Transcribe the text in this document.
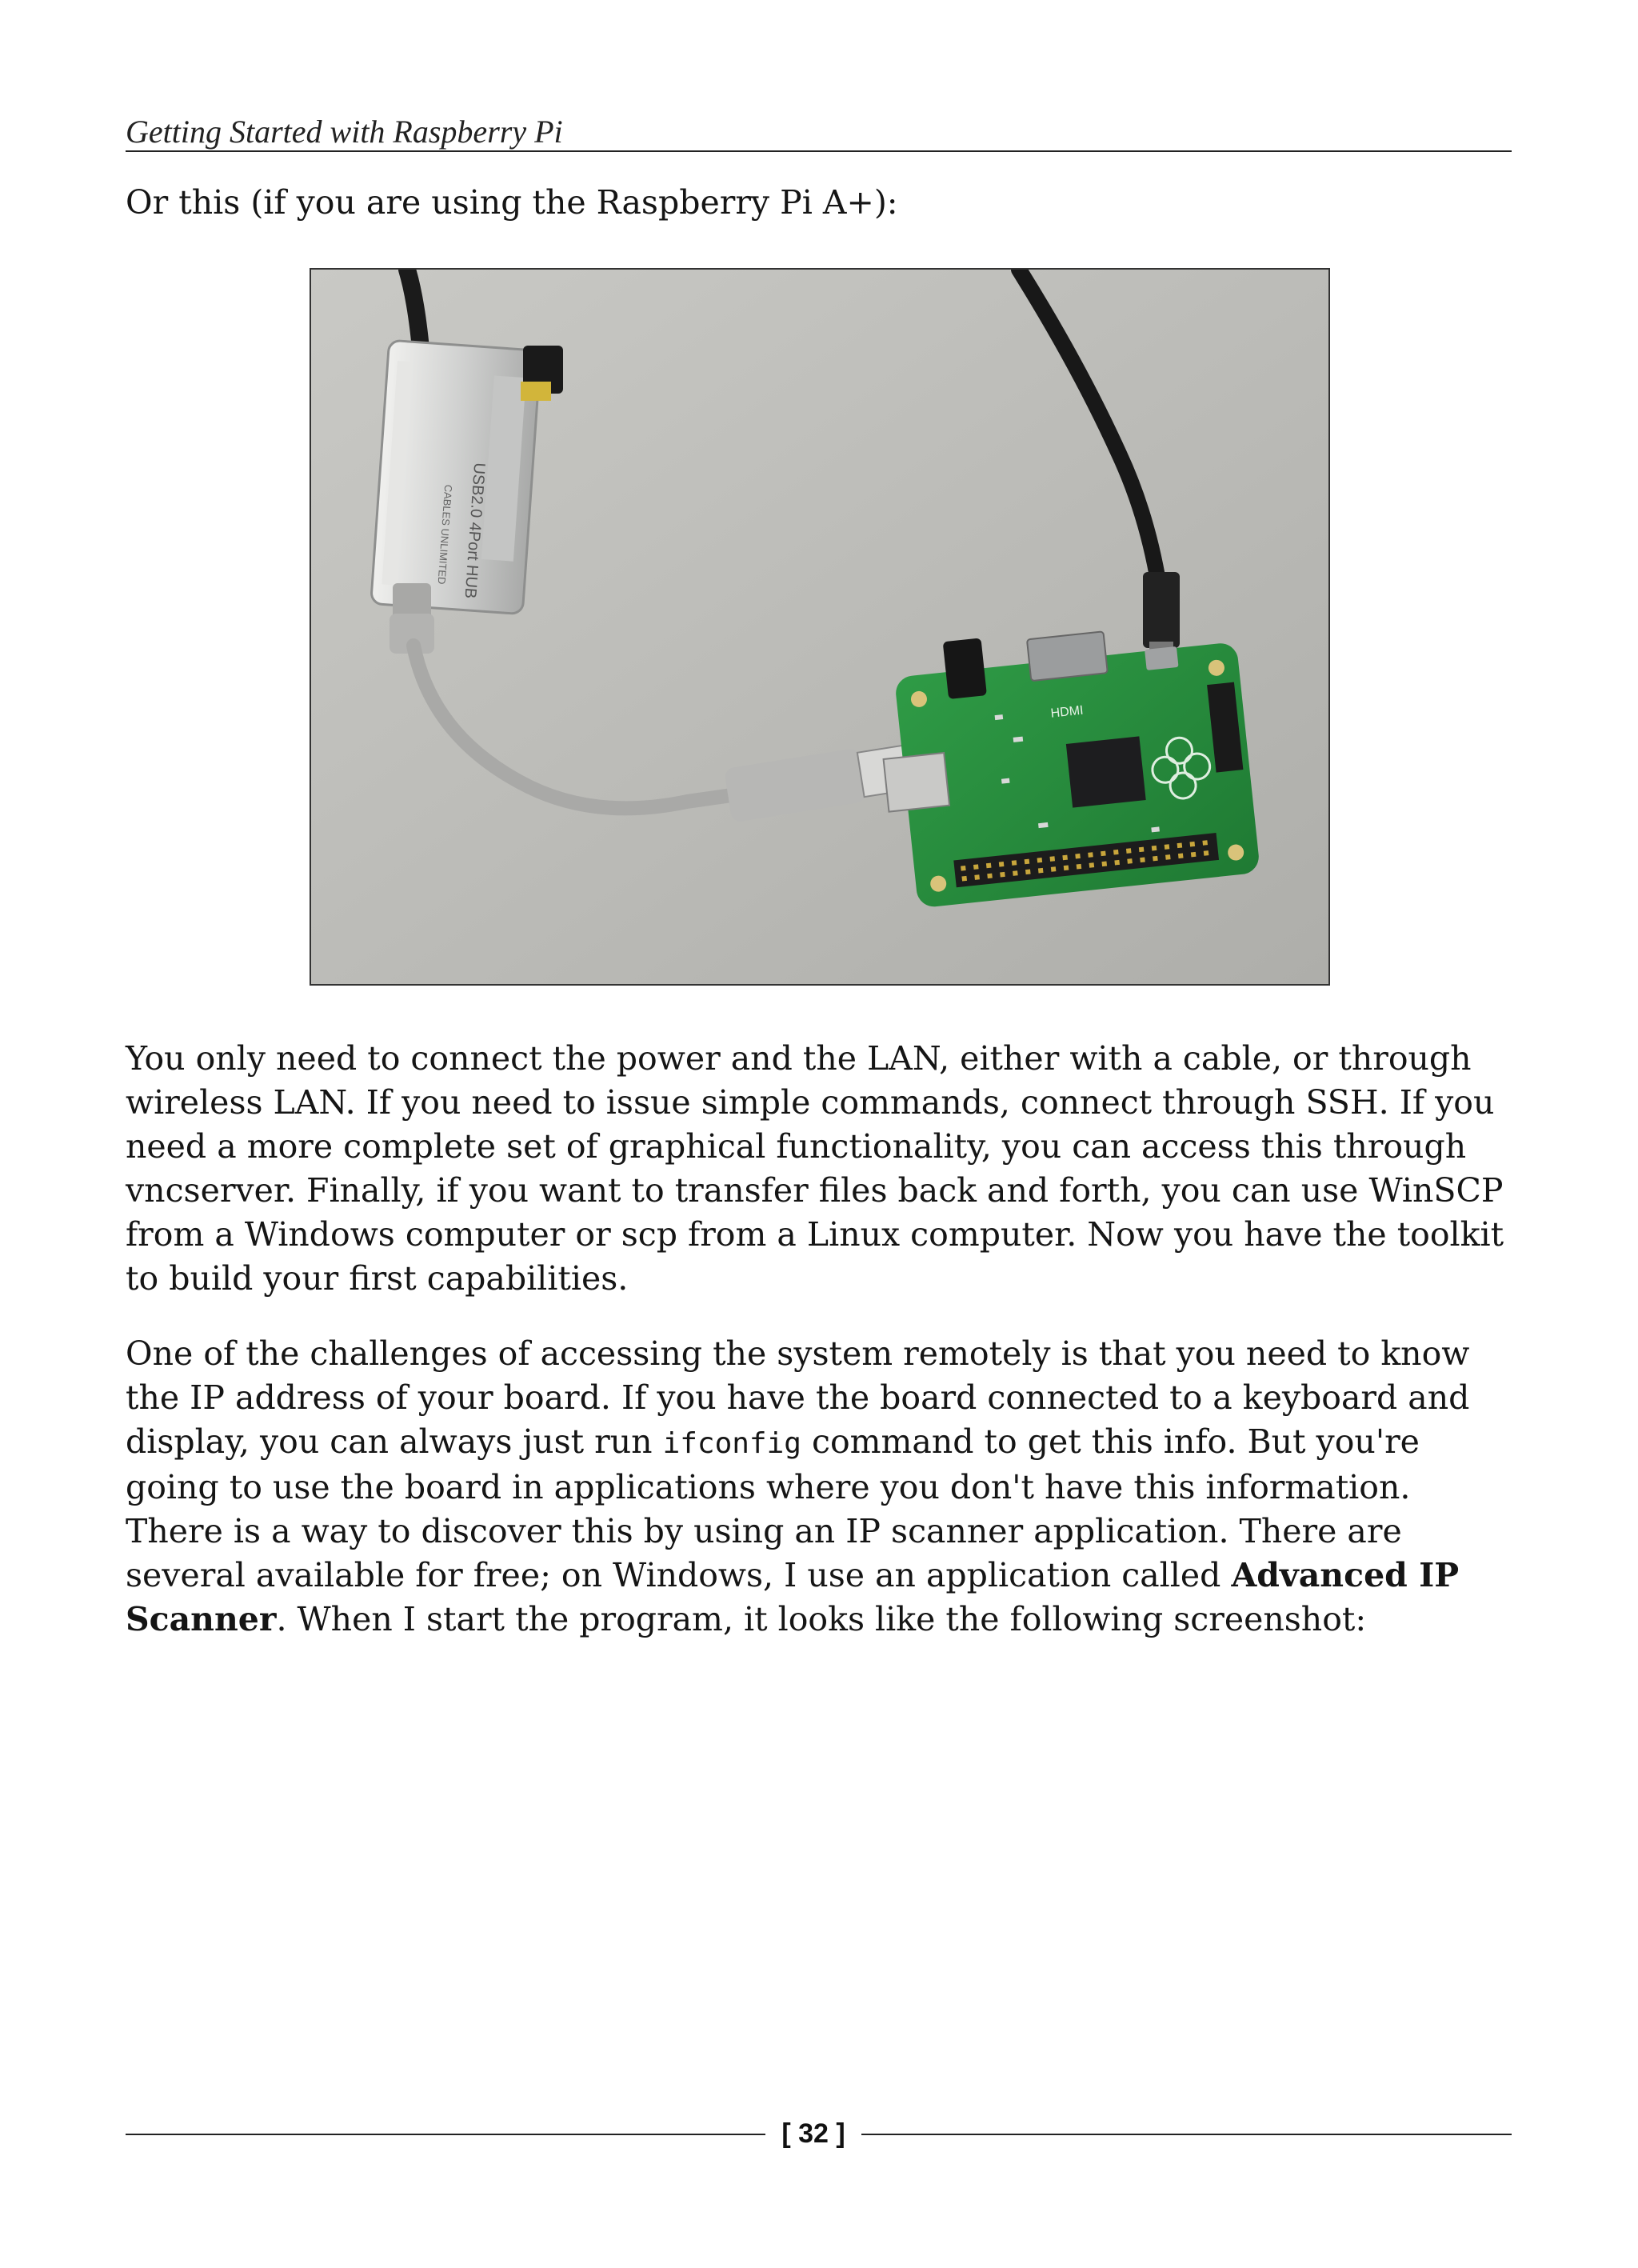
Getting Started with Raspberry Pi

Or this (if you are using the Raspberry Pi A+):

USB2.0 4Port HUB
CABLES UNLIMITED
HDMI

You only need to connect the power and the LAN, either with a cable, or through wireless LAN. If you need to issue simple commands, connect through SSH. If you need a more complete set of graphical functionality, you can access this through vncserver. Finally, if you want to transfer files back and forth, you can use WinSCP from a Windows computer or scp from a Linux computer. Now you have the toolkit to build your first capabilities.

One of the challenges of accessing the system remotely is that you need to know the IP address of your board. If you have the board connected to a keyboard and display, you can always just run ifconfig command to get this info. But you're going to use the board in applications where you don't have this information. There is a way to discover this by using an IP scanner application. There are several available for free; on Windows, I use an application called Advanced IP Scanner. When I start the program, it looks like the following screenshot:

[ 32 ]
